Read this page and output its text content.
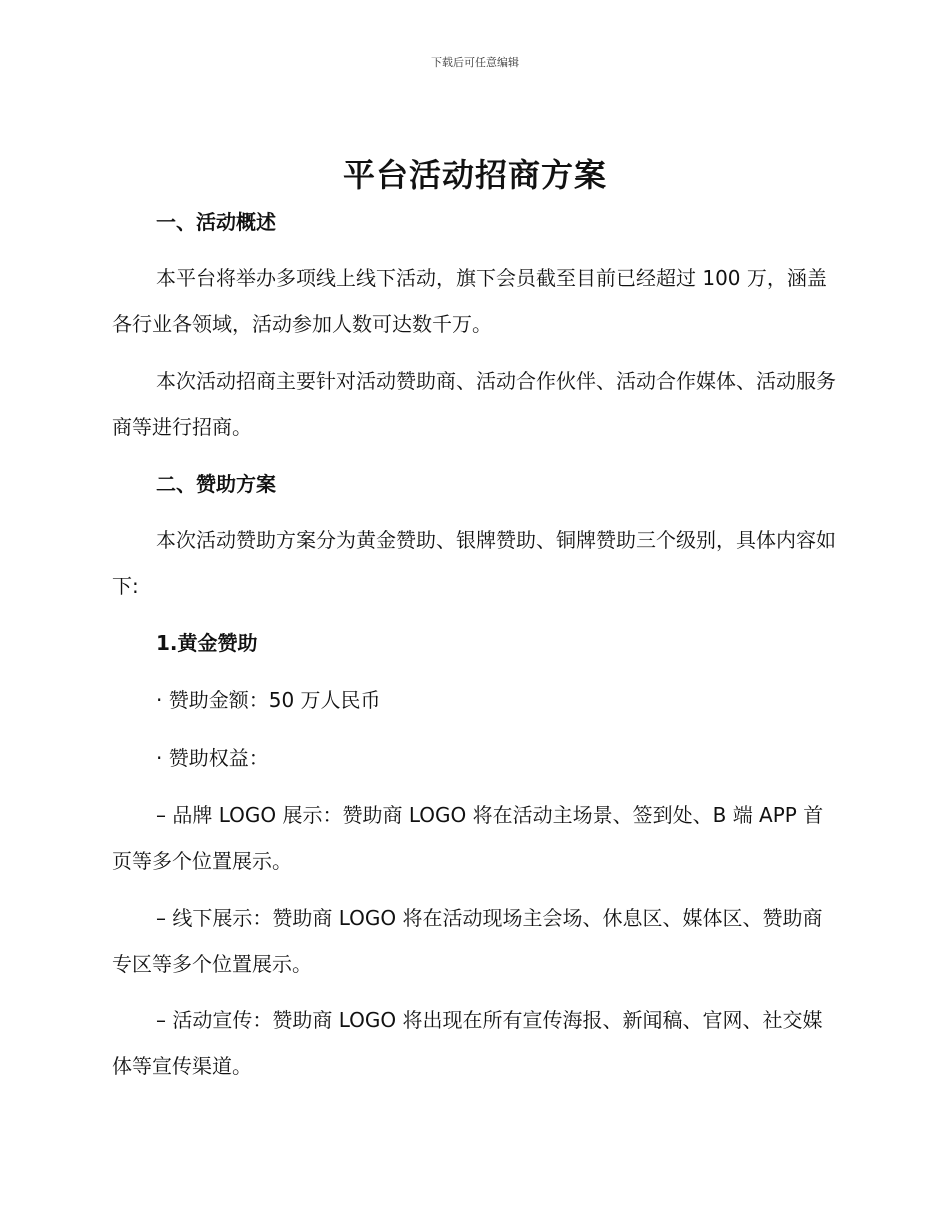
下载后可任意编辑
平台活动招商方案
一、活动概述
本平台将举办多项线上线下活动，旗下会员截至目前已经超过 100 万，涵盖各行业各领域，活动参加人数可达数千万。
本次活动招商主要针对活动赞助商、活动合作伙伴、活动合作媒体、活动服务商等进行招商。
二、赞助方案
本次活动赞助方案分为黄金赞助、银牌赞助、铜牌赞助三个级别，具体内容如下:
1.黄金赞助
· 赞助金额：50 万人民币
· 赞助权益：
– 品牌 LOGO 展示：赞助商 LOGO 将在活动主场景、签到处、B 端 APP 首页等多个位置展示。
– 线下展示：赞助商 LOGO 将在活动现场主会场、休息区、媒体区、赞助商专区等多个位置展示。
– 活动宣传：赞助商 LOGO 将出现在所有宣传海报、新闻稿、官网、社交媒体等宣传渠道。
